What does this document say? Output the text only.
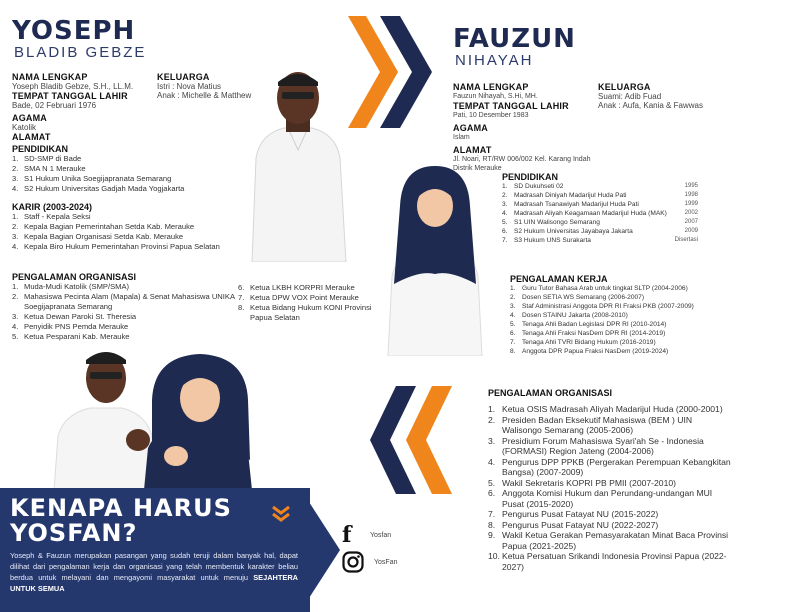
YOSEPH
BLADIB GEBZE
NAMA LENGKAP
Yoseph Bladib Gebze, S.H., LL.M.
TEMPAT TANGGAL LAHIR
Bade, 02 Februari 1976
AGAMA
Katolik
ALAMAT
KELUARGA
Istri : Nova Matius
Anak : Michelle & Matthew
PENDIDIKAN
1. SD-SMP di Bade
2. SMA N 1 Merauke
3. S1 Hukum Unika Soegijapranata Semarang
4. S2 Hukum Universitas Gadjah Mada Yogjakarta
KARIR (2003-2024)
1. Staff - Kepala Seksi
2. Kepala Bagian Pemerintahan Setda Kab. Merauke
3. Kepala Bagian Organisasi Setda Kab. Merauke
4. Kepala Biro Hukum Pemerintahan Provinsi Papua Selatan
PENGALAMAN ORGANISASI
1. Muda-Mudi Katolik (SMP/SMA)
2. Mahasiswa Pecinta Alam (Mapala) & Senat Mahasiswa UNIKA Soegijapranata Semarang
3. Ketua Dewan Paroki St. Theresia
4. Penyidik PNS Pemda Merauke
5. Ketua Pesparani Kab. Merauke
6. Ketua LKBH KORPRI Merauke
7. Ketua DPW VOX Point Merauke
8. Ketua Bidang Hukum KONI Provinsi Papua Selatan
FAUZUN
NIHAYAH
NAMA LENGKAP
Fauzun Nihayah, S.Hi, MH.
TEMPAT TANGGAL LAHIR
Pati, 10 Desember 1983
AGAMA
Islam
ALAMAT
Jl. Noari, RT/RW 006/002 Kel. Karang Indah Distrik Merauke
KELUARGA
Suami: Adib Fuad
Anak : Aufa, Kania & Fawwas
PENDIDIKAN
1. SD Dukuhseti 02	1995
2. Madrasah Diniyah Madarijul Huda Pati	1998
3. Madrasah Tsanawiyah Madarijul Huda Pati	1999
4. Madrasah Aliyah Keagamaan Madarijul Huda (MAK)	2002
5. S1 UIN Walisongo Semarang	2007
6. S2 Hukum Universitas Jayabaya Jakarta	2009
7. S3 Hukum UNS Surakarta	Disertasi
PENGALAMAN KERJA
1. Guru Tutor Bahasa Arab untuk tingkat SLTP (2004-2006)
2. Dosen SETIA WS Semarang (2006-2007)
3. Staf Administrasi Anggota DPR RI Fraksi PKB (2007-2009)
4. Dosen STAINU Jakarta (2008-2010)
5. Tenaga Ahli Badan Legislasi DPR RI (2010-2014)
6. Tenaga Ahli Fraksi NasDem DPR RI (2014-2019)
7. Tenaga Ahli TVRI Bidang Hukum (2016-2019)
8. Anggota DPR Papua Fraksi NasDem (2019-2024)
PENGALAMAN ORGANISASI
1. Ketua OSIS Madrasah Aliyah Madarijul Huda (2000-2001)
2. Presiden Badan Eksekutif Mahasiswa (BEM ) UIN Walisongo Semarang (2005-2006)
3. Presidium Forum Mahasiswa Syari'ah Se - Indonesia (FORMASI) Region Jateng (2004-2006)
4. Pengurus DPP PPKB (Pergerakan Perempuan Kebangkitan Bangsa) (2007-2009)
5. Wakil Sekretaris KOPRI PB PMII (2007-2010)
6. Anggota Komisi Hukum dan Perundang-undangan MUI Pusat (2015-2020)
7. Pengurus Pusat Fatayat NU (2015-2022)
8. Pengurus Pusat Fatayat NU (2022-2027)
9. Wakil Ketua Gerakan Pemasyarakatan Minat Baca Provinsi Papua (2021-2025)
10. Ketua Persatuan Srikandi Indonesia Provinsi Papua (2022-2027)
KENAPA HARUS
YOSFAN?

Yoseph & Fauzun merupakan pasangan yang sudah teruji dalam banyak hal, dapat dilihat dari pengalaman kerja dan organisasi yang telah membentuk karakter beliau berdua untuk melayani dan mengayomi masyarakat untuk menuju SEJAHTERA UNTUK SEMUA

f	Yosfan
YosFan
